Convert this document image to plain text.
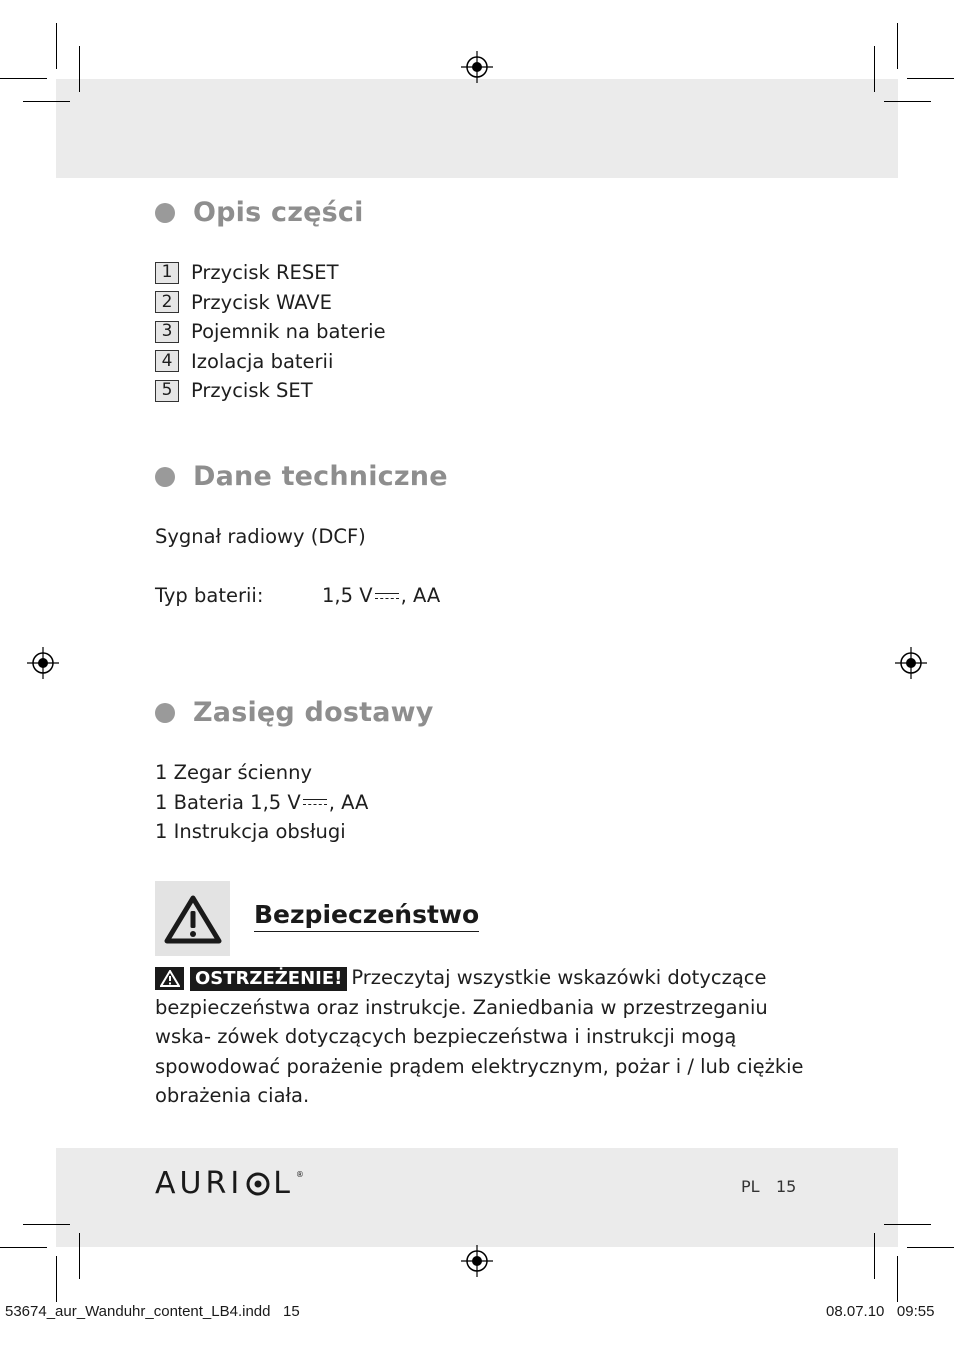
Opis części
1 Przycisk RESET
2 Przycisk WAVE
3 Pojemnik na baterie
4 Izolacja baterii
5 Przycisk SET
Dane techniczne
Sygnał radiowy (DCF)
Typ baterii:	1,5 V , AA
Zasięg dostawy
1 Zegar ścienny
1 Bateria 1,5 V , AA
1 Instrukcja obsługi
Bezpieczeństwo
OSTRZEŻENIE! Przeczytaj wszystkie wskazówki dotyczące bezpieczeństwa oraz instrukcje. Zaniedbania w przestrzeganiu wska- zówek dotyczących bezpieczeństwa i instrukcji mogą spowodować porażenie prądem elektrycznym, pożar i / lub ciężkie obrażenia ciała.
AURI L ®
PL 15
53674_aur_Wanduhr_content_LB4.indd   15	08.07.10   09:55
